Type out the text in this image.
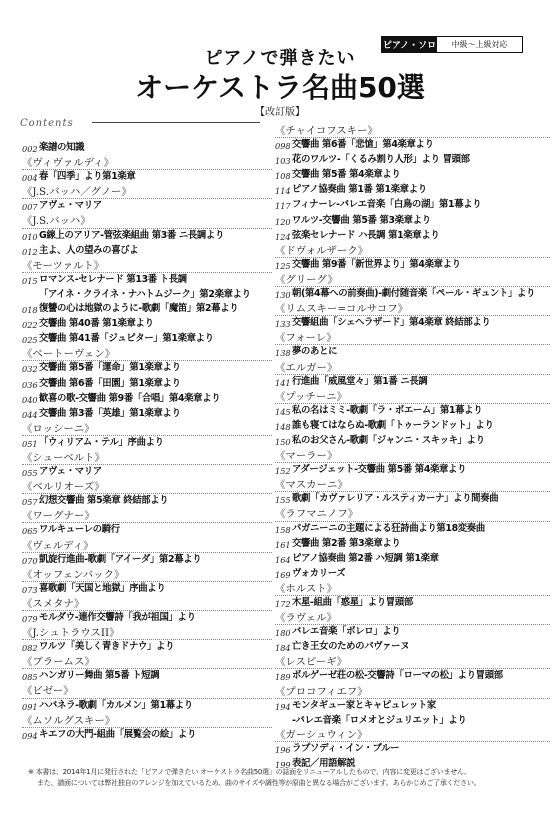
ピアノ・ソロ	中級〜上級対応
ピアノで弾きたい
オーケストラ名曲50選
【改訂版】
Contents
002 楽譜の知識
《ヴィヴァルディ》
004 春「四季」より第1楽章
《J.S.バッハ／グノー》
007 アヴェ・マリア
《J.S.バッハ》
010 G線上のアリア-管弦楽組曲 第3番 ニ長調より
012 主よ、人の望みの喜びよ
《モーツァルト》
015 ロマンス-セレナード 第13番 ト長調
「アイネ・クライネ・ナハトムジーク」第2楽章より
018 復讐の心は地獄のように-歌劇「魔笛」第2幕より
022 交響曲 第40番 第1楽章より
025 交響曲 第41番「ジュピター」第1楽章より
《ベートーヴェン》
032 交響曲 第5番「運命」第1楽章より
036 交響曲 第6番「田園」第1楽章より
040 歓喜の歌-交響曲 第9番「合唱」第4楽章より
044 交響曲 第3番「英雄」第1楽章より
《ロッシーニ》
051 「ウィリアム・テル」序曲より
《シューベルト》
055 アヴェ・マリア
《ベルリオーズ》
057 幻想交響曲 第5楽章 終結部より
《ワーグナー》
065 ワルキューレの騎行
《ヴェルディ》
070 凱旋行進曲-歌劇「アイーダ」第2幕より
《オッフェンバック》
073 喜歌劇「天国と地獄」序曲より
《スメタナ》
079 モルダウ-連作交響詩「我が祖国」より
《J.シュトラウスII》
082 ワルツ「美しく青きドナウ」より
《ブラームス》
085 ハンガリー舞曲 第5番 ト短調
《ビゼー》
091 ハバネラ-歌劇「カルメン」第1幕より
《ムソルグスキー》
094 キエフの大門-組曲「展覧会の絵」より
《チャイコフスキー》
098 交響曲 第6番「悲愴」第4楽章より
103 花のワルツ-「くるみ割り人形」より 冒頭部
108 交響曲 第5番 第4楽章より
114 ピアノ協奏曲 第1番 第1楽章より
117 フィナーレ-バレエ音楽「白鳥の湖」第1幕より
120 ワルツ-交響曲 第5番 第3楽章より
124 弦楽セレナード ハ長調 第1楽章より
《ドヴォルザーク》
125 交響曲 第9番「新世界より」第4楽章より
《グリーグ》
130 朝(第4幕への前奏曲)-劇付随音楽「ペール・ギュント」より
《リムスキー=コルサコフ》
133 交響組曲「シェヘラザード」第4楽章 終結部より
《フォーレ》
138 夢のあとに
《エルガー》
141 行進曲「威風堂々」第1番 ニ長調
《プッチーニ》
145 私の名はミミ-歌劇「ラ・ボエーム」第1幕より
148 誰も寝てはならぬ-歌劇「トゥーランドット」より
150 私のお父さん-歌劇「ジャンニ・スキッキ」より
《マーラー》
152 アダージェット-交響曲 第5番 第4楽章より
《マスカーニ》
155 歌劇「カヴァレリア・ルスティカーナ」より間奏曲
《ラフマニノフ》
158 パガニーニの主題による狂詩曲より第18変奏曲
161 交響曲 第2番 第3楽章より
164 ピアノ協奏曲 第2番 ハ短調 第1楽章
169 ヴォカリーズ
《ホルスト》
172 木星-組曲「惑星」より冒頭部
《ラヴェル》
180 バレエ音楽「ボレロ」より
184 亡き王女のためのパヴァーヌ
《レスピーギ》
189 ボルゲーゼ荘の松-交響詩「ローマの松」より冒頭部
《プロコフィエフ》
194 モンタギュー家とキャピュレット家
-バレエ音楽「ロメオとジュリエット」より
《ガーシュウィン》
196 ラプソディ・イン・ブルー
199 表記／用語解説
※ 本書は、2014年1月に発行された「ピアノで弾きたい オーケストラ名曲50選」の誌面をリニューアルしたもので、内容に変更はございません。
また、譜面については弊社独自のアレンジを加えているため、曲のサイズや調性等が原曲と異なる場合がございます。あらかじめご了承ください。
